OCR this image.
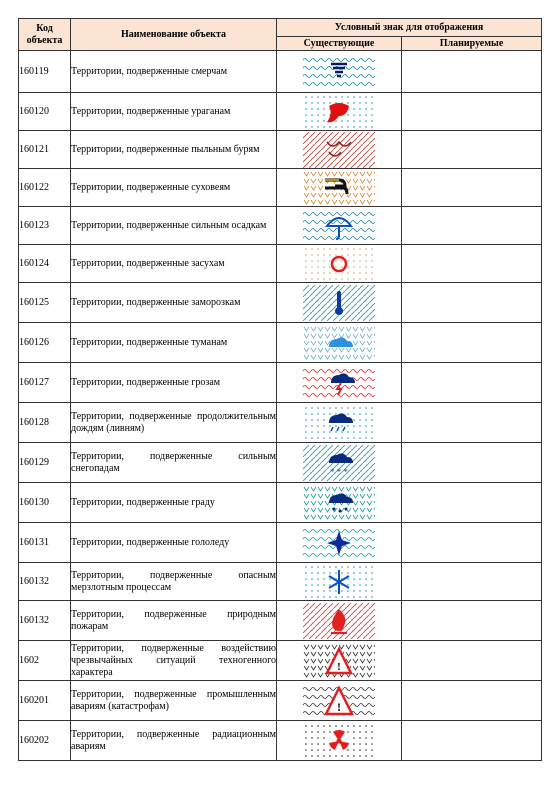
Код объекта	Наименование объекта	Условный знак для отображения	
		Существующие	Планируемые
160119	Территории, подверженные смерчам	

160120	Территории, подверженные ураганам	

160121	Территории, подверженные пыльным бурям	

160122	Территории, подверженные суховеям	

160123	Территории, подверженные сильным осадкам	

160124	Территории, подверженные засухам	

160125	Территории, подверженные заморозкам	

160126	Территории, подверженные туманам	

160127	Территории, подверженные грозам	

160128	Территории, подверженные продолжительным дождям (ливням)	

160129	Территории, подверженные сильным снегопадам	* * *	

160130	Территории, подверженные граду	

160131	Территории, подверженные гололеду	

160132	Территории, подверженные опасным мерзлотным процессам	

160132	Территории, подверженные природным пожарам	

1602	Территории, подверженные воздействию чрезвычайных ситуаций техногенного характера	!	

160201	Территории, подверженные промышленным авариям (катастрофам)	!	

160202	Территории, подверженные радиационным авариям	
